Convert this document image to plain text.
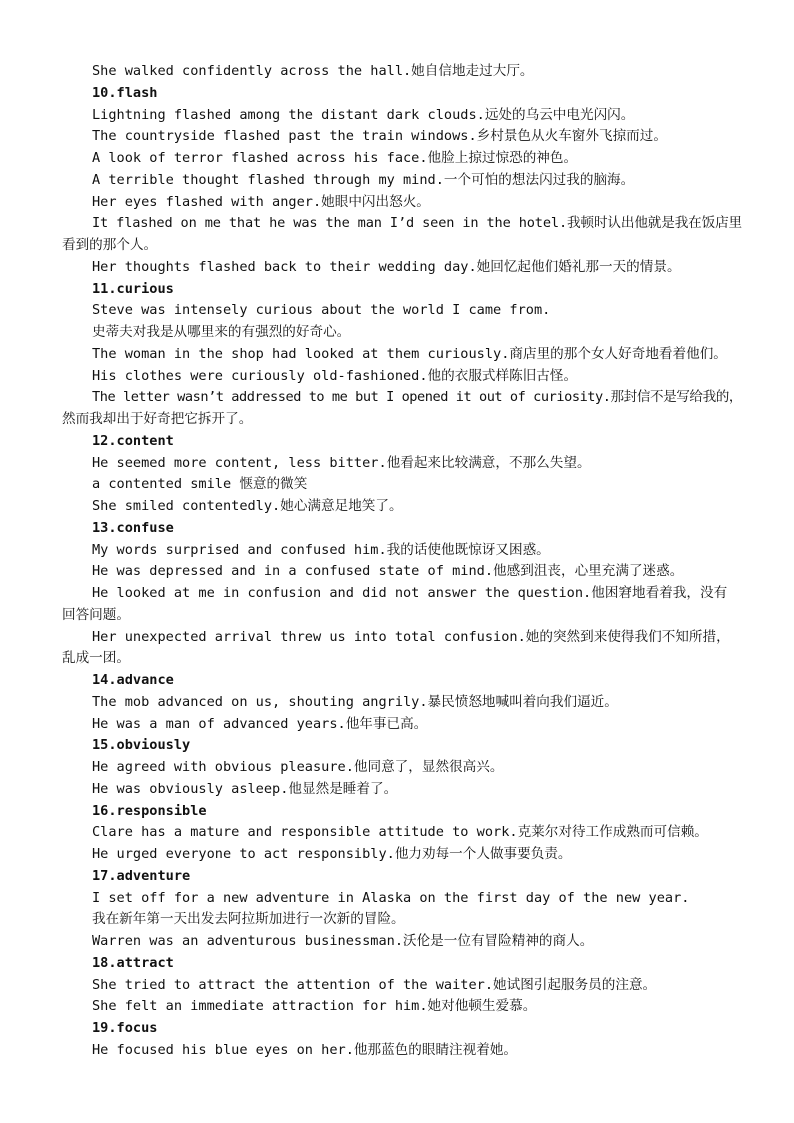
She walked confidently across the hall.她自信地走过大厅。
10.flash
Lightning flashed among the distant dark clouds.远处的乌云中电光闪闪。
The countryside flashed past the train windows.乡村景色从火车窗外飞掠而过。
A look of terror flashed across his face.他脸上掠过惊恐的神色。
A terrible thought flashed through my mind.一个可怕的想法闪过我的脑海。
Her eyes flashed with anger.她眼中闪出怒火。
It flashed on me that he was the man I’d seen in the hotel.我顿时认出他就是我在饭店里
看到的那个人。
Her thoughts flashed back to their wedding day.她回忆起他们婚礼那一天的情景。
11.curious
Steve was intensely curious about the world I came from.
史蒂夫对我是从哪里来的有强烈的好奇心。
The woman in the shop had looked at them curiously.商店里的那个女人好奇地看着他们。
His clothes were curiously old-fashioned.他的衣服式样陈旧古怪。
The letter wasn’t addressed to me but I opened it out of curiosity.那封信不是写给我的，
然而我却出于好奇把它拆开了。
12.content
He seemed more content, less bitter.他看起来比较满意，不那么失望。
a contented smile 惬意的微笑
She smiled contentedly.她心满意足地笑了。
13.confuse
My words surprised and confused him.我的话使他既惊讶又困惑。
He was depressed and in a confused state of mind.他感到沮丧，心里充满了迷惑。
He looked at me in confusion and did not answer the question.他困窘地看着我，没有
回答问题。
Her unexpected arrival threw us into total confusion.她的突然到来使得我们不知所措，
乱成一团。
14.advance
The mob advanced on us, shouting angrily.暴民愤怒地喊叫着向我们逼近。
He was a man of advanced years.他年事已高。
15.obviously
He agreed with obvious pleasure.他同意了，显然很高兴。
He was obviously asleep.他显然是睡着了。
16.responsible
Clare has a mature and responsible attitude to work.克莱尔对待工作成熟而可信赖。
He urged everyone to act responsibly.他力劝每一个人做事要负责。
17.adventure
I set off for a new adventure in Alaska on the first day of the new year.
我在新年第一天出发去阿拉斯加进行一次新的冒险。
Warren was an adventurous businessman.沃伦是一位有冒险精神的商人。
18.attract
She tried to attract the attention of the waiter.她试图引起服务员的注意。
She felt an immediate attraction for him.她对他顿生爱慕。
19.focus
He focused his blue eyes on her.他那蓝色的眼睛注视着她。
